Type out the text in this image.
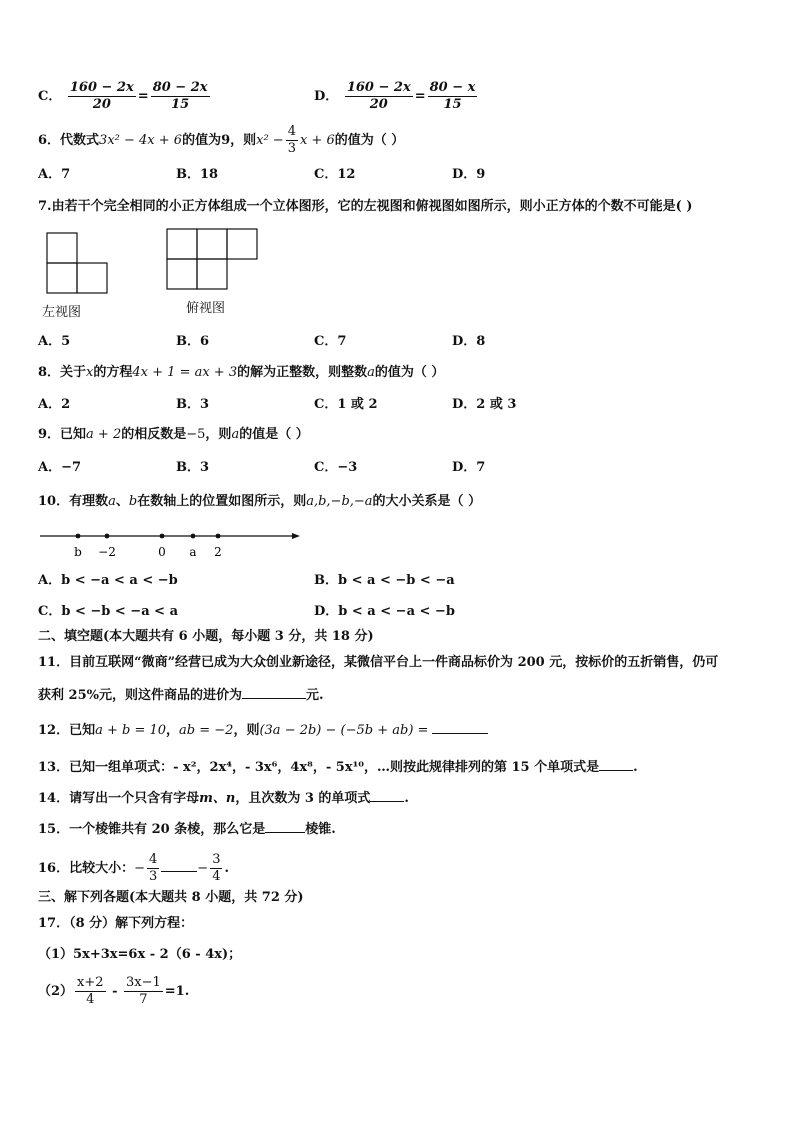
C． $\frac{160 - 2x}{20} = \frac{80 - 2x}{15}$	D． $\frac{160 - 2x}{20} = \frac{80 - x}{15}$
6．代数式3x² − 4x + 6的值为9，则$x^2 - \frac{4}{3}$ x + 6的值为（ ）
A．7	B．18	C．12	D．9
7.由若干个完全相同的小正方体组成一个立体图形，它的左视图和俯视图如图所示，则小正方体的个数不可能是( )
左视图	俯视图
A．5	B．6	C．7	D．8
8．关于x的方程4x + 1 = ax + 3的解为正整数，则整数a的值为（ ）
A．2	B．3	C．1 或 2	D．2 或 3
9．已知a + 2的相反数是−5，则a的值是（ ）
A．−7	B．3	C．−3	D．7
10．有理数a、b在数轴上的位置如图所示，则a,b,−b,−a的大小关系是（ ）
b −2	0 a 2
A．b < −a < a < −b	B．b < a < −b < −a
C．b < −b < −a < a	D．b < a < −a < −b
二、填空题(本大题共有 6 小题，每小题 3 分，共 18 分)
11．目前互联网“微商”经营已成为大众创业新途径，某微信平台上一件商品标价为 200 元，按标价的五折销售，仍可
获利 25%元，则这件商品的进价为	元.
12．已知a + b = 10，ab = −2，则(3a − 2b) − (−5b + ab) =
13．已知一组单项式：- x²，2x⁴，- 3x⁶，4x⁸，- 5x¹⁰，…则按此规律排列的第 15 个单项式是	.
14．请写出一个只含有字母m、n，且次数为 3 的单项式	.
15．一个棱锥共有 20 条棱，那么它是	棱锥.
16．比较大小：− $\frac{4}{3}$	− $\frac{3}{4}$ .
三、解下列各题(本大题共 8 小题，共 72 分)
17．（8 分）解下列方程：
（1）5x+3x=6x - 2（6 - 4x)；
$(2) \frac{x+2}{4} - \frac{3x-1}{7} =1$.
